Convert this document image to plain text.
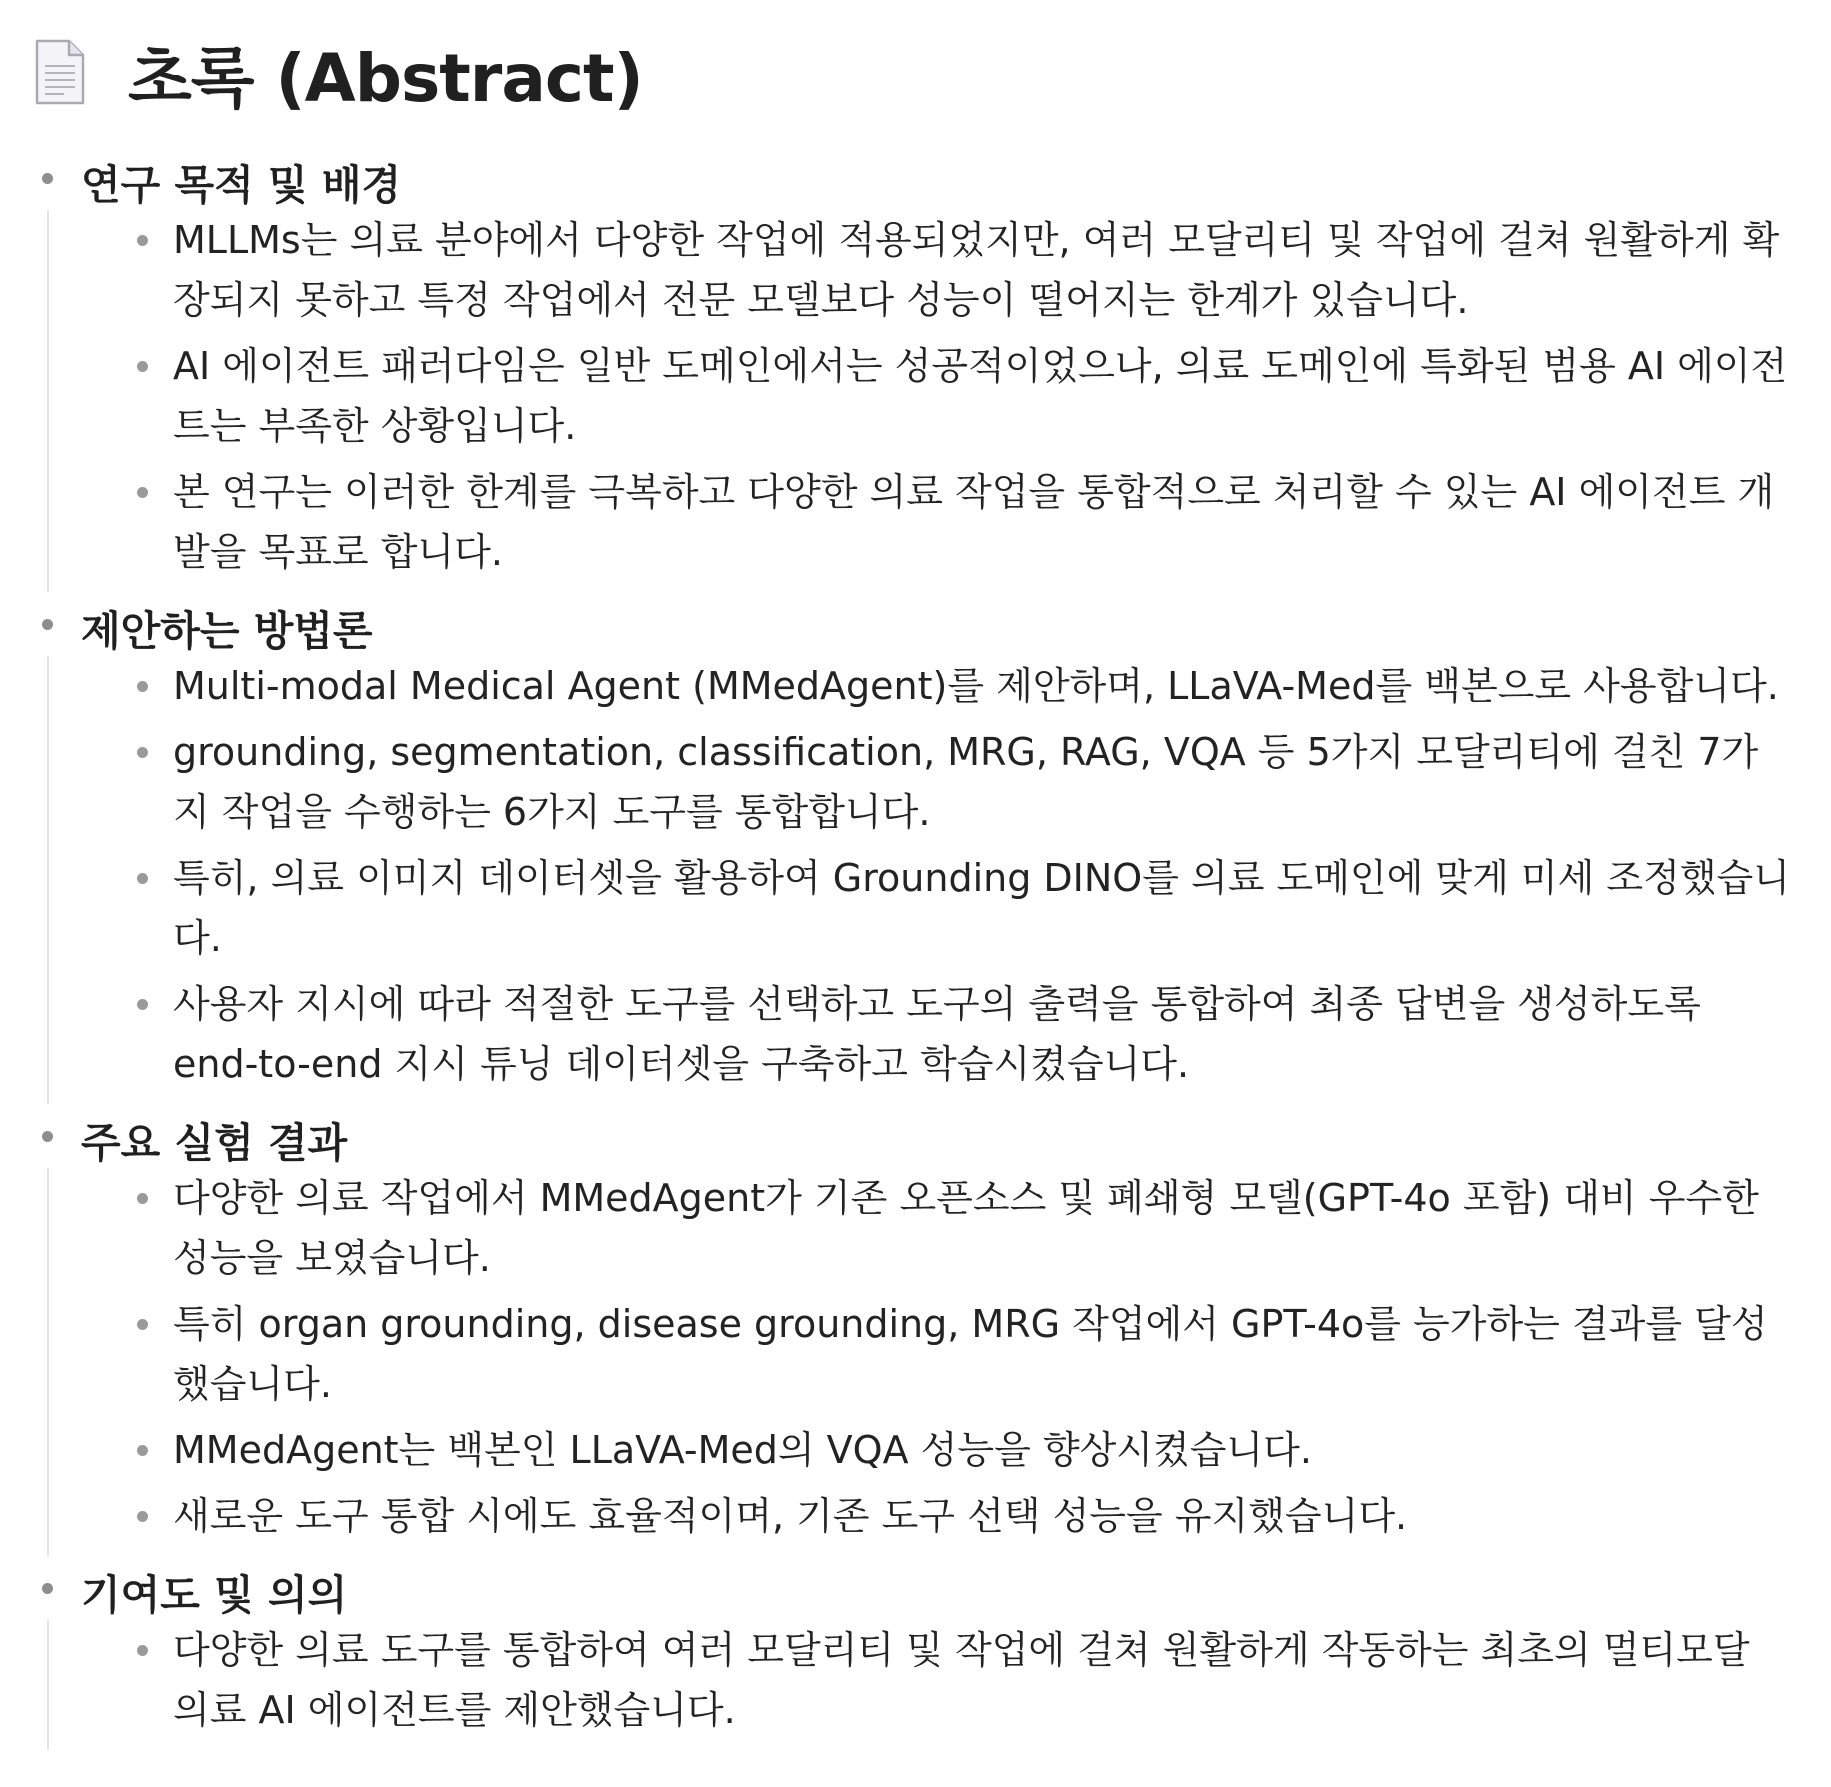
초록 (Abstract)
연구 목적 및 배경
MLLMs는 의료 분야에서 다양한 작업에 적용되었지만, 여러 모달리티 및 작업에 걸쳐 원활하게 확장되지 못하고 특정 작업에서 전문 모델보다 성능이 떨어지는 한계가 있습니다.
AI 에이전트 패러다임은 일반 도메인에서는 성공적이었으나, 의료 도메인에 특화된 범용 AI 에이전트는 부족한 상황입니다.
본 연구는 이러한 한계를 극복하고 다양한 의료 작업을 통합적으로 처리할 수 있는 AI 에이전트 개발을 목표로 합니다.
제안하는 방법론
Multi-modal Medical Agent (MMedAgent)를 제안하며, LLaVA-Med를 백본으로 사용합니다.
grounding, segmentation, classification, MRG, RAG, VQA 등 5가지 모달리티에 걸친 7가지 작업을 수행하는 6가지 도구를 통합합니다.
특히, 의료 이미지 데이터셋을 활용하여 Grounding DINO를 의료 도메인에 맞게 미세 조정했습니다.
사용자 지시에 따라 적절한 도구를 선택하고 도구의 출력을 통합하여 최종 답변을 생성하도록 end-to-end 지시 튜닝 데이터셋을 구축하고 학습시켰습니다.
주요 실험 결과
다양한 의료 작업에서 MMedAgent가 기존 오픈소스 및 폐쇄형 모델(GPT-4o 포함) 대비 우수한 성능을 보였습니다.
특히 organ grounding, disease grounding, MRG 작업에서 GPT-4o를 능가하는 결과를 달성했습니다.
MMedAgent는 백본인 LLaVA-Med의 VQA 성능을 향상시켰습니다.
새로운 도구 통합 시에도 효율적이며, 기존 도구 선택 성능을 유지했습니다.
기여도 및 의의
다양한 의료 도구를 통합하여 여러 모달리티 및 작업에 걸쳐 원활하게 작동하는 최초의 멀티모달 의료 AI 에이전트를 제안했습니다.
